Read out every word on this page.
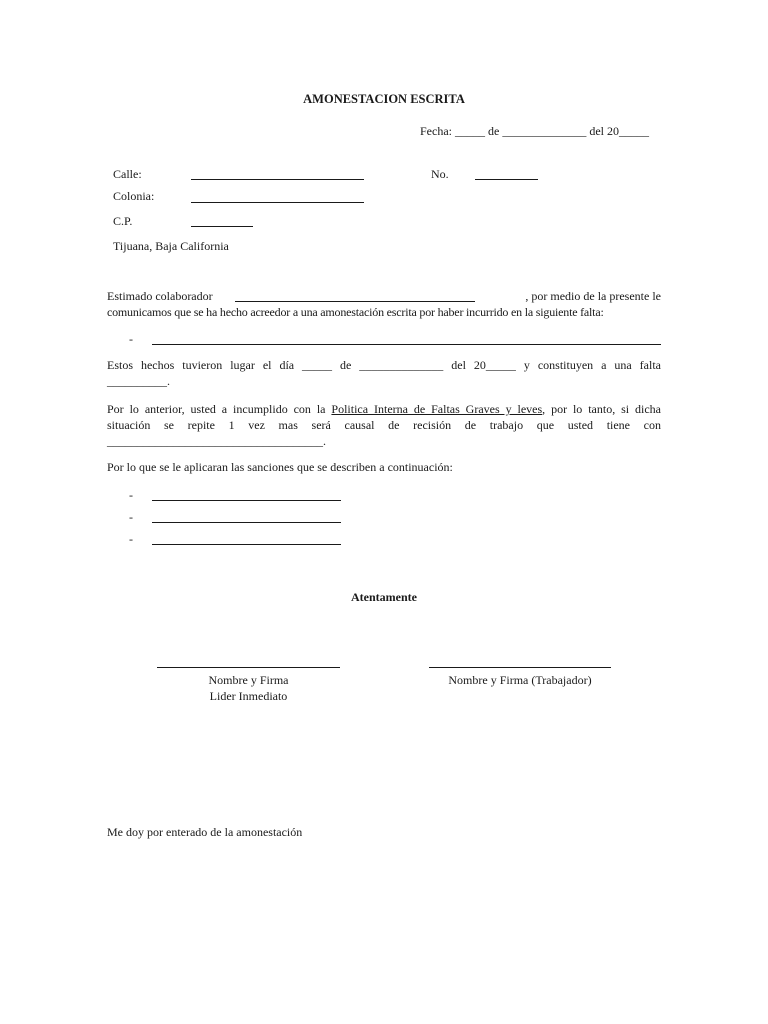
AMONESTACION ESCRITA
Fecha: _____ de ______________ del 20_____
Calle:	No.
Colonia:
C.P.
Tijuana, Baja California
Estimado colaborador	, por medio de la presente le
comunicamos que se ha hecho acreedor a una amonestación escrita por haber incurrido en la siguiente falta:
-
Estos hechos tuvieron lugar el día _____ de ______________ del 20_____ y constituyen a una falta
__________.
Por lo anterior, usted a incumplido con la Politica Interna de Faltas Graves y leves, por lo tanto, si dicha
situación se repite 1 vez mas será causal de recisión de trabajo que usted tiene con
____________________________________.
Por lo que se le aplicaran las sanciones que se describen a continuación:
-
-
-
Atentamente
Nombre y Firma
Lider Inmediato
Nombre y Firma (Trabajador)
Me doy por enterado de la amonestación
